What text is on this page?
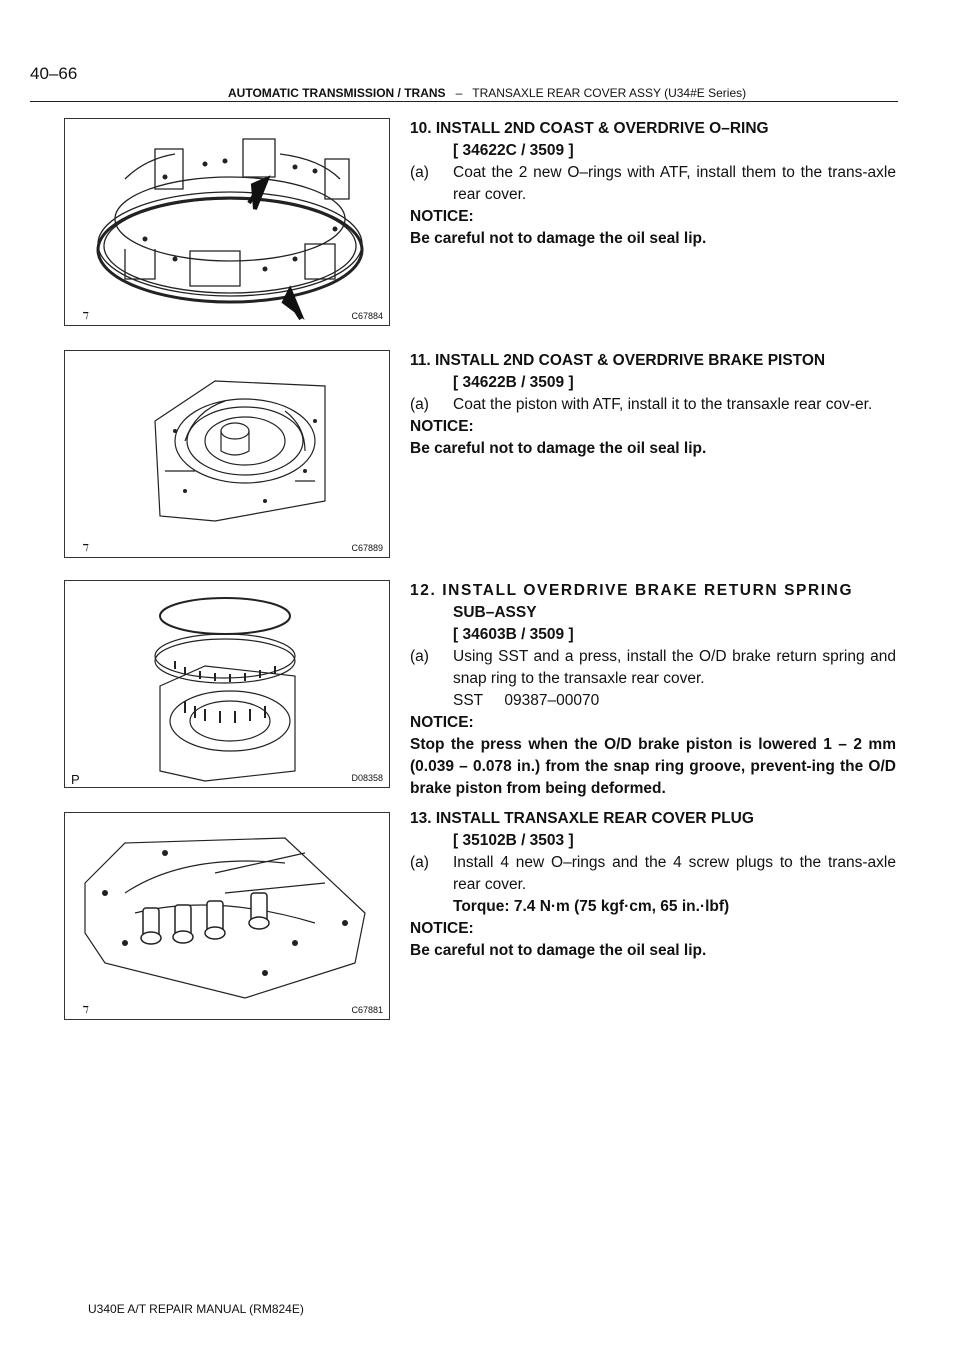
40–66
AUTOMATIC TRANSMISSION / TRANS – TRANSAXLE REAR COVER ASSY (U34#E Series)
ℸ	C67884
ℸ	C67889
P	D08358
ℸ	C67881
10. INSTALL 2ND COAST & OVERDRIVE O–RING
[ 34622C / 3509 ]
(a) Coat the 2 new O–rings with ATF, install them to the trans-axle rear cover.
NOTICE:
Be careful not to damage the oil seal lip.
11. INSTALL 2ND COAST & OVERDRIVE BRAKE PISTON
[ 34622B / 3509 ]
(a) Coat the piston with ATF, install it to the transaxle rear cov-er.
NOTICE:
Be careful not to damage the oil seal lip.
12. INSTALL OVERDRIVE BRAKE RETURN SPRING
SUB–ASSY
[ 34603B / 3509 ]
(a) Using SST and a press, install the O/D brake return spring and snap ring to the transaxle rear cover.
SST     09387–00070
NOTICE:
Stop the press when the O/D brake piston is lowered 1 – 2 mm (0.039 – 0.078 in.) from the snap ring groove, prevent-ing the O/D brake piston from being deformed.
13. INSTALL TRANSAXLE REAR COVER PLUG
[ 35102B / 3503 ]
(a) Install 4 new O–rings and the 4 screw plugs to the trans-axle rear cover.
Torque: 7.4 N·m (75 kgf·cm, 65 in.·lbf)
NOTICE:
Be careful not to damage the oil seal lip.
U340E A/T REPAIR MANUAL (RM824E)
